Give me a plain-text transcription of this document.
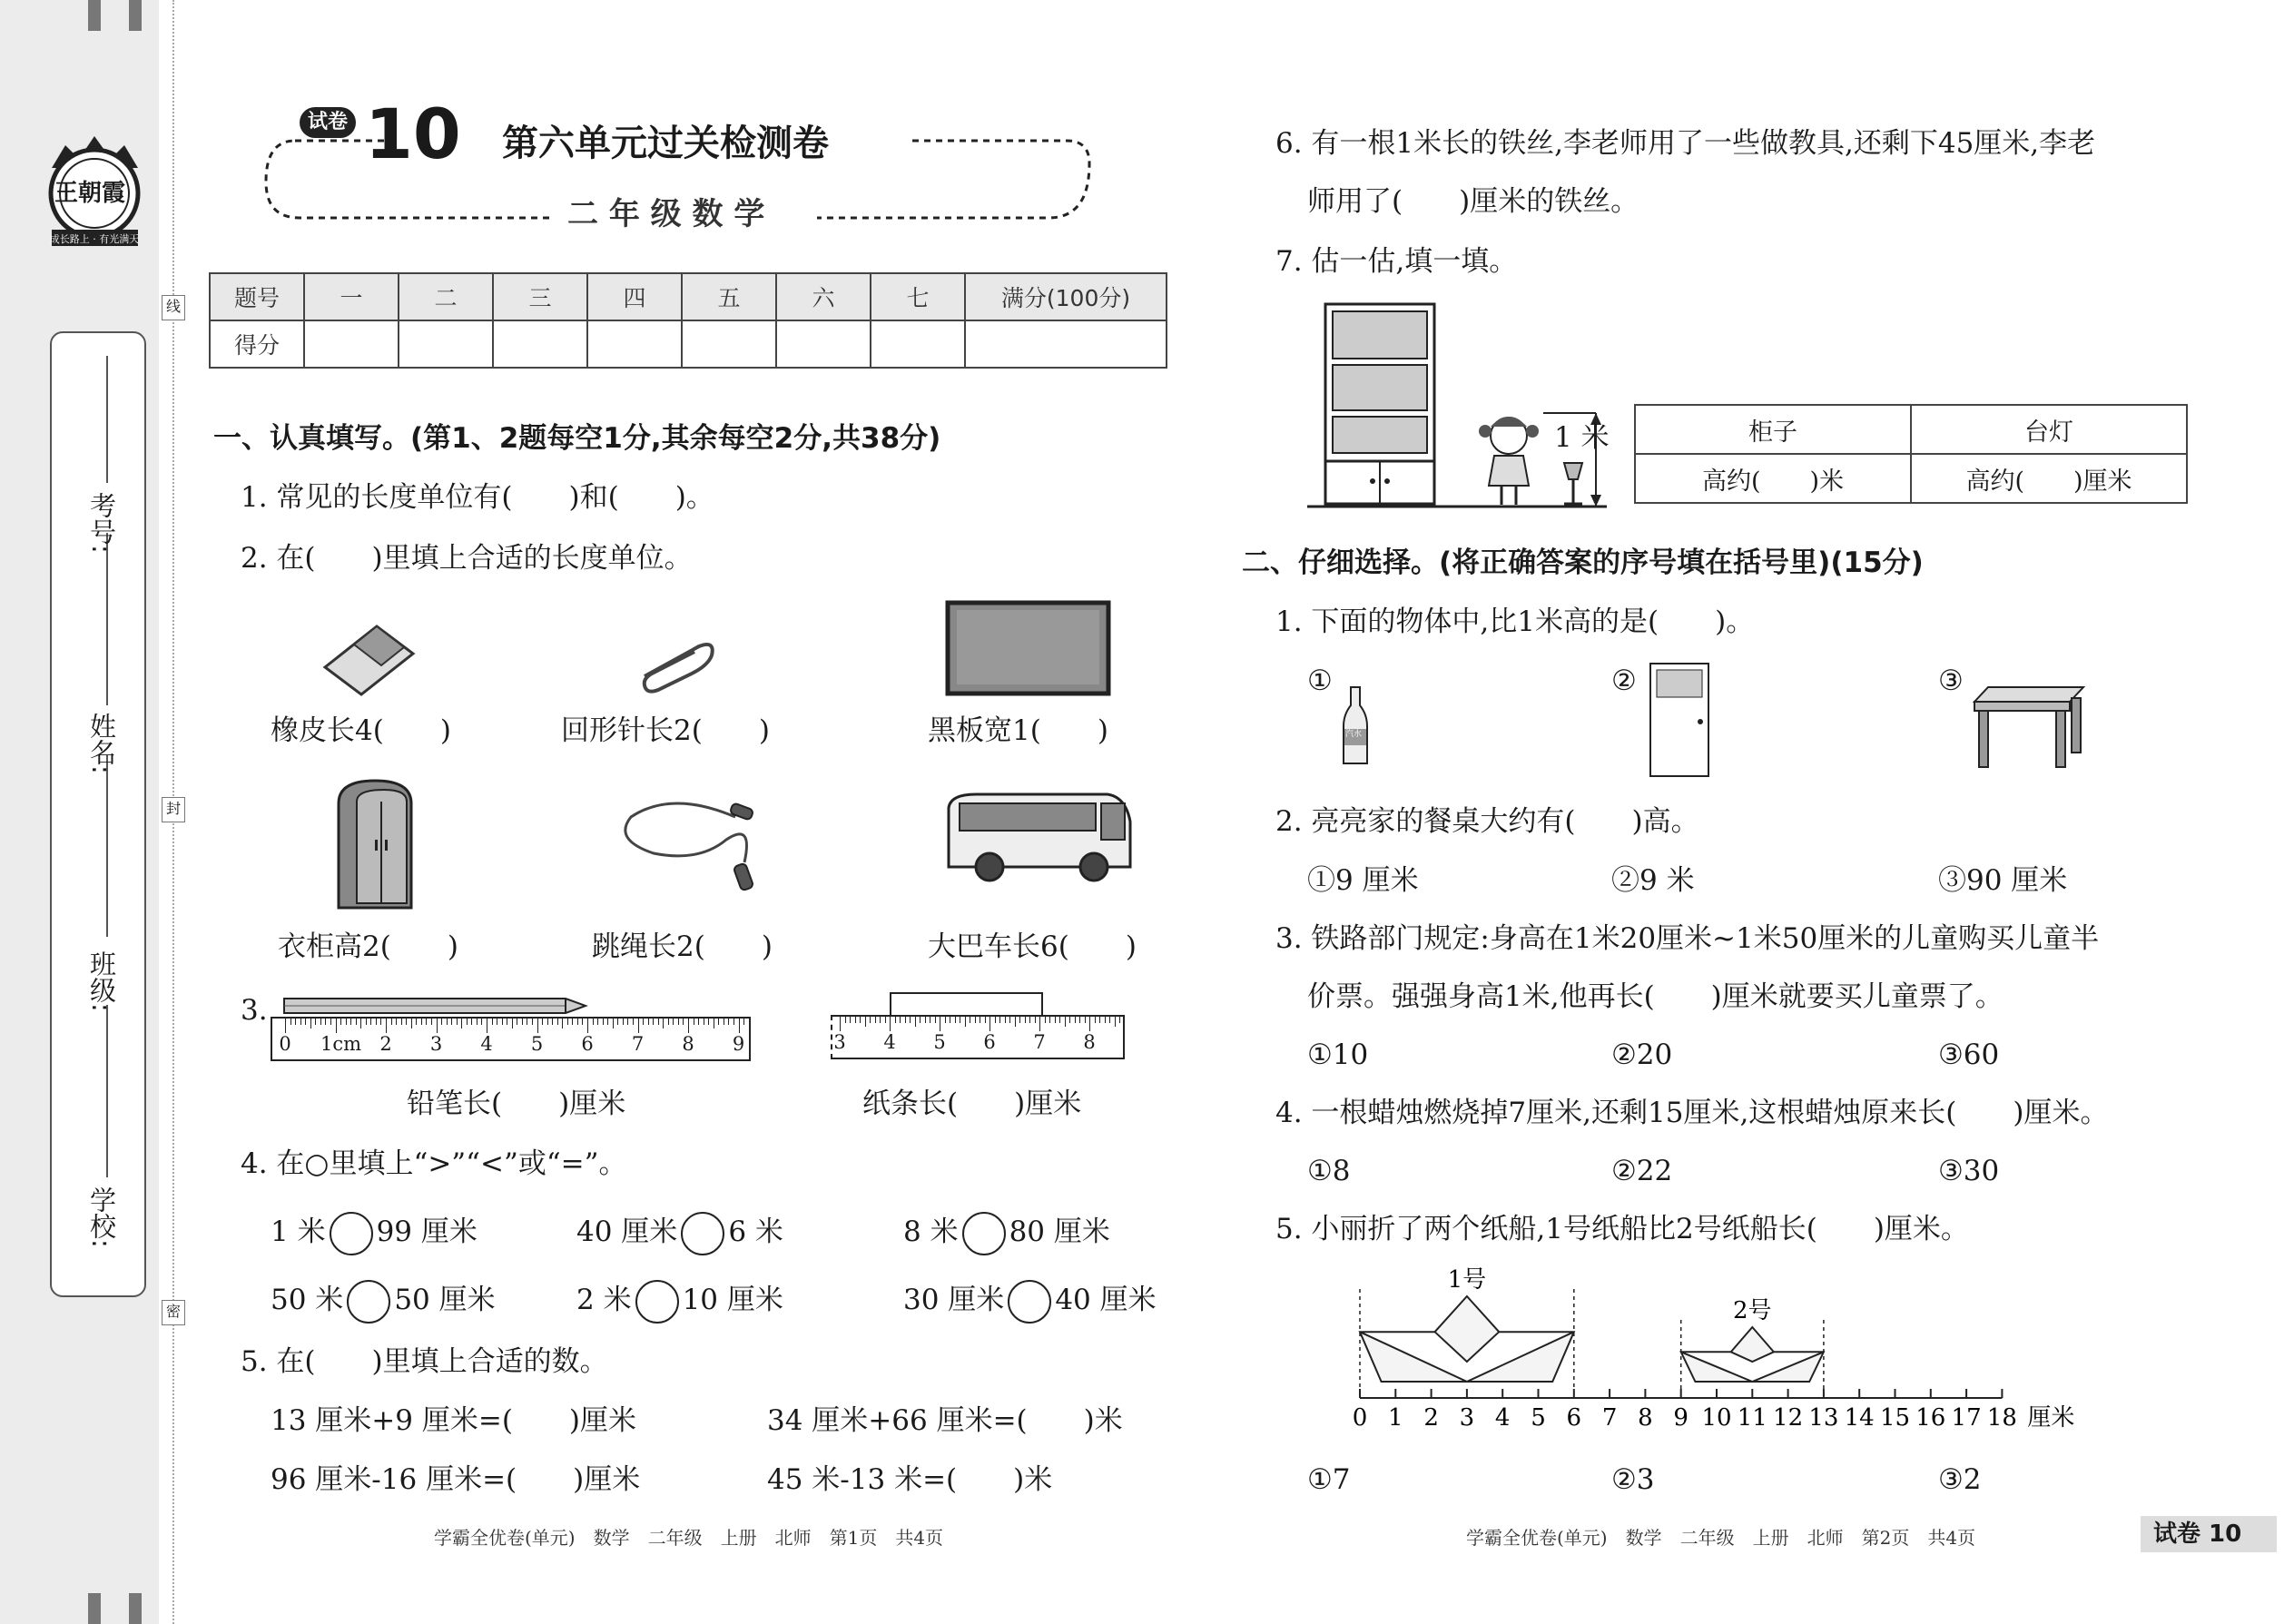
线
封
密
成长路上 · 有光满天
王朝霞
学校:
班级:
姓名:
考号:
试卷 10 第六单元过关检测卷
二 年 级 数 学
题号	一	二	三	四	五	六	七	满分(100分)
得分								
一、认真填写。(第1、2题每空1分,其余每空2分,共38分)
1. 常见的长度单位有(　　)和(　　)。
2. 在(　　)里填上合适的长度单位。
橡皮长4(　　)	回形针长2(　　)	黑板宽1(　　)
衣柜高2(　　)	跳绳长2(　　)	大巴车长6(　　)
3.
0 1cm 2 3 4 5 6 7 8 9	3 4 5 6 7 8
铅笔长(　　)厘米	纸条长(　　)厘米
4. 在○里填上“>”“<”或“=”。
1 米 99 厘米	40 厘米 6 米	8 米 80 厘米
50 米 50 厘米	2 米 10 厘米	30 厘米 40 厘米
5. 在(　　)里填上合适的数。
13 厘米+9 厘米=(　　)厘米	34 厘米+66 厘米=(　　)米
96 厘米-16 厘米=(　　)厘米	45 米-13 米=(　　)米
学霸全优卷(单元)　数学　二年级　上册　北师　第1页　共4页
6. 有一根1米长的铁丝,李老师用了一些做教具,还剩下45厘米,李老
师用了(　　)厘米的铁丝。
7. 估一估,填一填。
1 米	柜子	台灯
高约(　　)米	高约(　　)厘米
二、仔细选择。(将正确答案的序号填在括号里)(15分)
1. 下面的物体中,比1米高的是(　　)。
①
汽水
②	③
2. 亮亮家的餐桌大约有(　　)高。
①9 厘米	②9 米	③90 厘米
3. 铁路部门规定:身高在1米20厘米~1米50厘米的儿童购买儿童半
价票。强强身高1米,他再长(　　)厘米就要买儿童票了。
①10	②20	③60
4. 一根蜡烛燃烧掉7厘米,还剩15厘米,这根蜡烛原来长(　　)厘米。
①8	②22	③30
5. 小丽折了两个纸船,1号纸船比2号纸船长(　　)厘米。
0 1 2 3 4 5 6 7 8 9 10 11 12 13 14 15 16 17 18 厘米
1号
2号
①7	②3	③2
学霸全优卷(单元)　数学　二年级　上册　北师　第2页　共4页	试卷 10
